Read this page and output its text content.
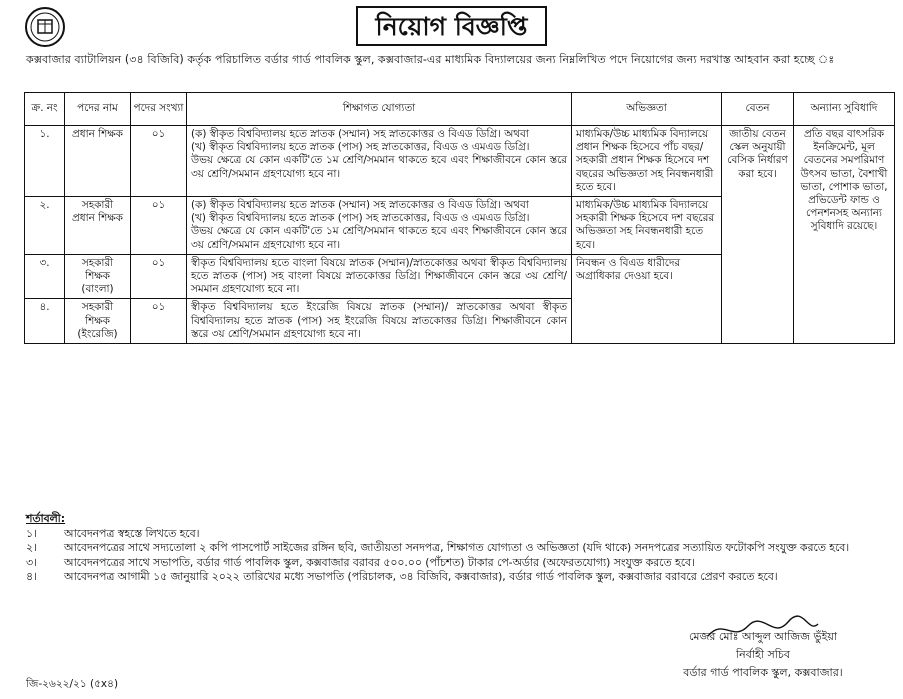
নিয়োগ বিজ্ঞপ্তি
কক্সবাজার ব্যাটালিয়ন (৩৪ বিজিবি) কর্তৃক পরিচালিত বর্ডার গার্ড পাবলিক স্কুল, কক্সবাজার-এর মাধ্যমিক বিদ্যালয়ের জন্য নিম্নলিখিত পদে নিয়োগের জন্য দরখাস্ত আহবান করা হচ্ছে ঃ
ক্র. নং	পদের নাম	পদের সংখ্যা	শিক্ষাগত যোগ্যতা	অভিজ্ঞতা	বেতন	অন্যান্য সুবিধাদি
১.	প্রধান শিক্ষক	০১	(ক) স্বীকৃত বিশ্ববিদ্যালয় হতে স্নাতক (সম্মান) সহ স্নাতকোত্তর ও বিএড ডিগ্রি। অথবা
(খ) স্বীকৃত বিশ্ববিদ্যালয় হতে স্নাতক (পাস) সহ স্নাতকোত্তর, বিএড ও এমএড ডিগ্রি।
উভয় ক্ষেত্রে যে কোন একটি'তে ১ম শ্রেণি/সমমান থাকতে হবে এবং শিক্ষাজীবনে কোন স্তরে ৩য় শ্রেণি/সমমান গ্রহণযোগ্য হবে না।	মাধ্যমিক/উচ্চ মাধ্যমিক বিদ্যালয়ে প্রধান শিক্ষক হিসেবে পাঁচ বছর/ সহকারী প্রধান শিক্ষক হিসেবে দশ বছরের অভিজ্ঞতা সহ নিবন্ধনধারী হতে হবে।	জাতীয় বেতন স্কেল অনুযায়ী বেসিক নির্ধারণ করা হবে।	প্রতি বছর বাৎসরিক ইনক্রিমেন্ট, মূল বেতনের সমপরিমাণ উৎসব ভাতা, বৈশাখী ভাতা, পোশাক ভাতা, প্রভিডেন্ট ফান্ড ও পেনশনসহ অন্যান্য সুবিধাদি রয়েছে।
২.	সহকারী প্রধান শিক্ষক	০১	(ক) স্বীকৃত বিশ্ববিদ্যালয় হতে স্নাতক (সম্মান) সহ স্নাতকোত্তর ও বিএড ডিগ্রি। অথবা
(খ) স্বীকৃত বিশ্ববিদ্যালয় হতে স্নাতক (পাস) সহ স্নাতকোত্তর, বিএড ও এমএড ডিগ্রি।
উভয় ক্ষেত্রে যে কোন একটি'তে ১ম শ্রেণি/সমমান থাকতে হবে এবং শিক্ষাজীবনে কোন স্তরে ৩য় শ্রেণি/সমমান গ্রহণযোগ্য হবে না।	মাধ্যমিক/উচ্চ মাধ্যমিক বিদ্যালয়ে সহকারী শিক্ষক হিসেবে দশ বছরের অভিজ্ঞতা সহ নিবন্ধনধারী হতে হবে।		
৩.	সহকারী শিক্ষক (বাংলা)	০১	স্বীকৃত বিশ্ববিদ্যালয় হতে বাংলা বিষয়ে স্নাতক (সম্মান)/স্নাতকোত্তর অথবা স্বীকৃত বিশ্ববিদ্যালয় হতে স্নাতক (পাস) সহ বাংলা বিষয়ে স্নাতকোত্তর ডিগ্রি। শিক্ষাজীবনে কোন স্তরে ৩য় শ্রেণি/সমমান গ্রহণযোগ্য হবে না।	নিবন্ধন ও বিএড ধারীদের অগ্রাধিকার দেওয়া হবে।		
৪.	সহকারী শিক্ষক (ইংরেজি)	০১	স্বীকৃত বিশ্ববিদ্যালয় হতে ইংরেজি বিষয়ে স্নাতক (সম্মান)/ স্নাতকোত্তর অথবা স্বীকৃত বিশ্ববিদ্যালয় হতে স্নাতক (পাস) সহ ইংরেজি বিষয়ে স্নাতকোত্তর ডিগ্রি। শিক্ষাজীবনে কোন স্তরে ৩য় শ্রেণি/সমমান গ্রহণযোগ্য হবে না।			
শর্তাবলী:
১।	আবেদনপত্র স্বহস্তে লিখতে হবে।
২।	আবেদনপত্রের সাথে সদ্যতোলা ২ কপি পাসপোর্ট সাইজের রঙ্গিন ছবি, জাতীয়তা সনদপত্র, শিক্ষাগত যোগ্যতা ও অভিজ্ঞতা (যদি থাকে) সনদপত্রের সত্যায়িত ফটোকপি সংযুক্ত করতে হবে।
৩।	আবেদনপত্রের সাথে সভাপতি, বর্ডার গার্ড পাবলিক স্কুল, কক্সবাজার বরাবর ৫০০.০০ (পাঁচশত) টাকার পে-অর্ডার (অফেরতযোগ্য) সংযুক্ত করতে হবে।
৪।	আবেদনপত্র আগামী ১৫ জানুয়ারি ২০২২ তারিখের মধ্যে সভাপতি (পরিচালক, ৩৪ বিজিবি, কক্সবাজার), বর্ডার গার্ড পাবলিক স্কুল, কক্সবাজার বরাবরে প্রেরণ করতে হবে।
মেজর মোঃ আব্দুল আজিজ ভুঁইয়া
নির্বাহী সচিব
বর্ডার গার্ড পাবলিক স্কুল, কক্সবাজার।
জি-২৬২২/২১ (৫x৪)
